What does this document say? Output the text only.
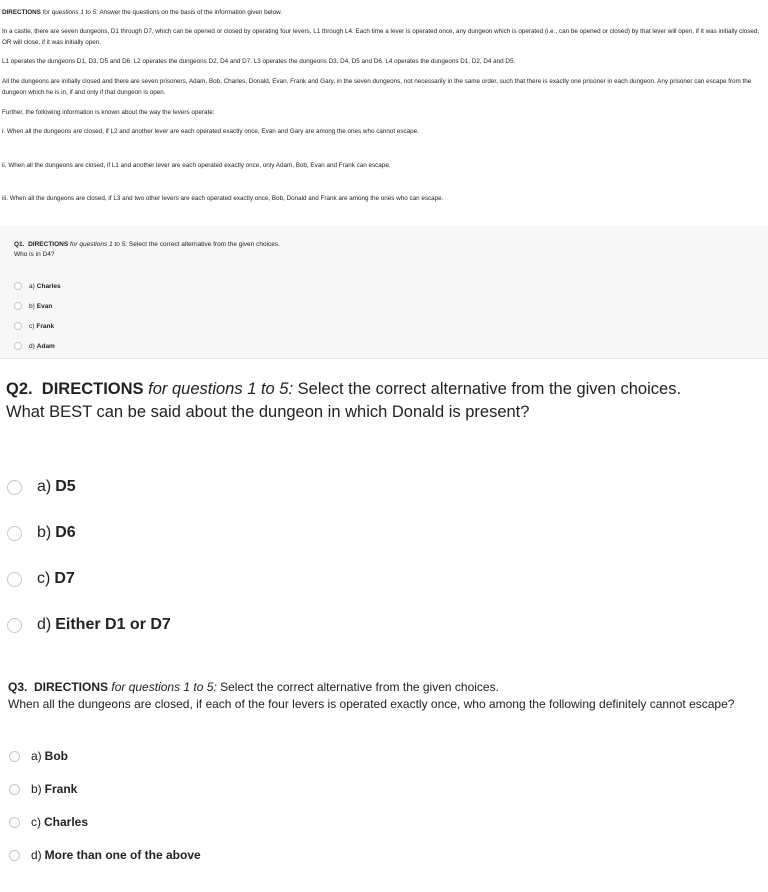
DIRECTIONS for questions 1 to 5: Answer the questions on the basis of the information given below.
In a castle, there are seven dungeons, D1 through D7, which can be opened or closed by operating four levers, L1 through L4. Each time a lever is operated once, any dungeon which is operated (i.e., can be opened or closed) by that lever will open, if it was initially closed, OR will close, if it was initially open.
L1 operates the dungeons D1, D3, D5 and D6. L2 operates the dungeons D2, D4 and D7. L3 operates the dungeons D3, D4, D5 and D6. L4 operates the dungeons D1, D2, D4 and D5.
All the dungeons are initially closed and there are seven prisoners, Adam, Bob, Charles, Donald, Evan, Frank and Gary, in the seven dungeons, not necessarily in the same order, such that there is exactly one prisoner in each dungeon. Any prisoner can escape from the dungeon which he is in, if and only if that dungeon is open.
Further, the following information is known about the way the levers operate:
i. When all the dungeons are closed, if L2 and another lever are each operated exactly once, Evan and Gary are among the ones who cannot escape.
ii. When all the dungeons are closed, if L1 and another lever are each operated exactly once, only Adam, Bob, Evan and Frank can escape.
iii. When all the dungeons are closed, if L3 and two other levers are each operated exactly once, Bob, Donald and Frank are among the ones who can escape.
Q1. DIRECTIONS for questions 1 to 5: Select the correct alternative from the given choices.
Who is in D4?
a) Charles
b) Evan
c) Frank
d) Adam
Q2. DIRECTIONS for questions 1 to 5: Select the correct alternative from the given choices.
What BEST can be said about the dungeon in which Donald is present?
a) D5
b) D6
c) D7
d) Either D1 or D7
Q3. DIRECTIONS for questions 1 to 5: Select the correct alternative from the given choices.
When all the dungeons are closed, if each of the four levers is operated exactly once, who among the following definitely cannot escape?
a) Bob
b) Frank
c) Charles
d) More than one of the above
